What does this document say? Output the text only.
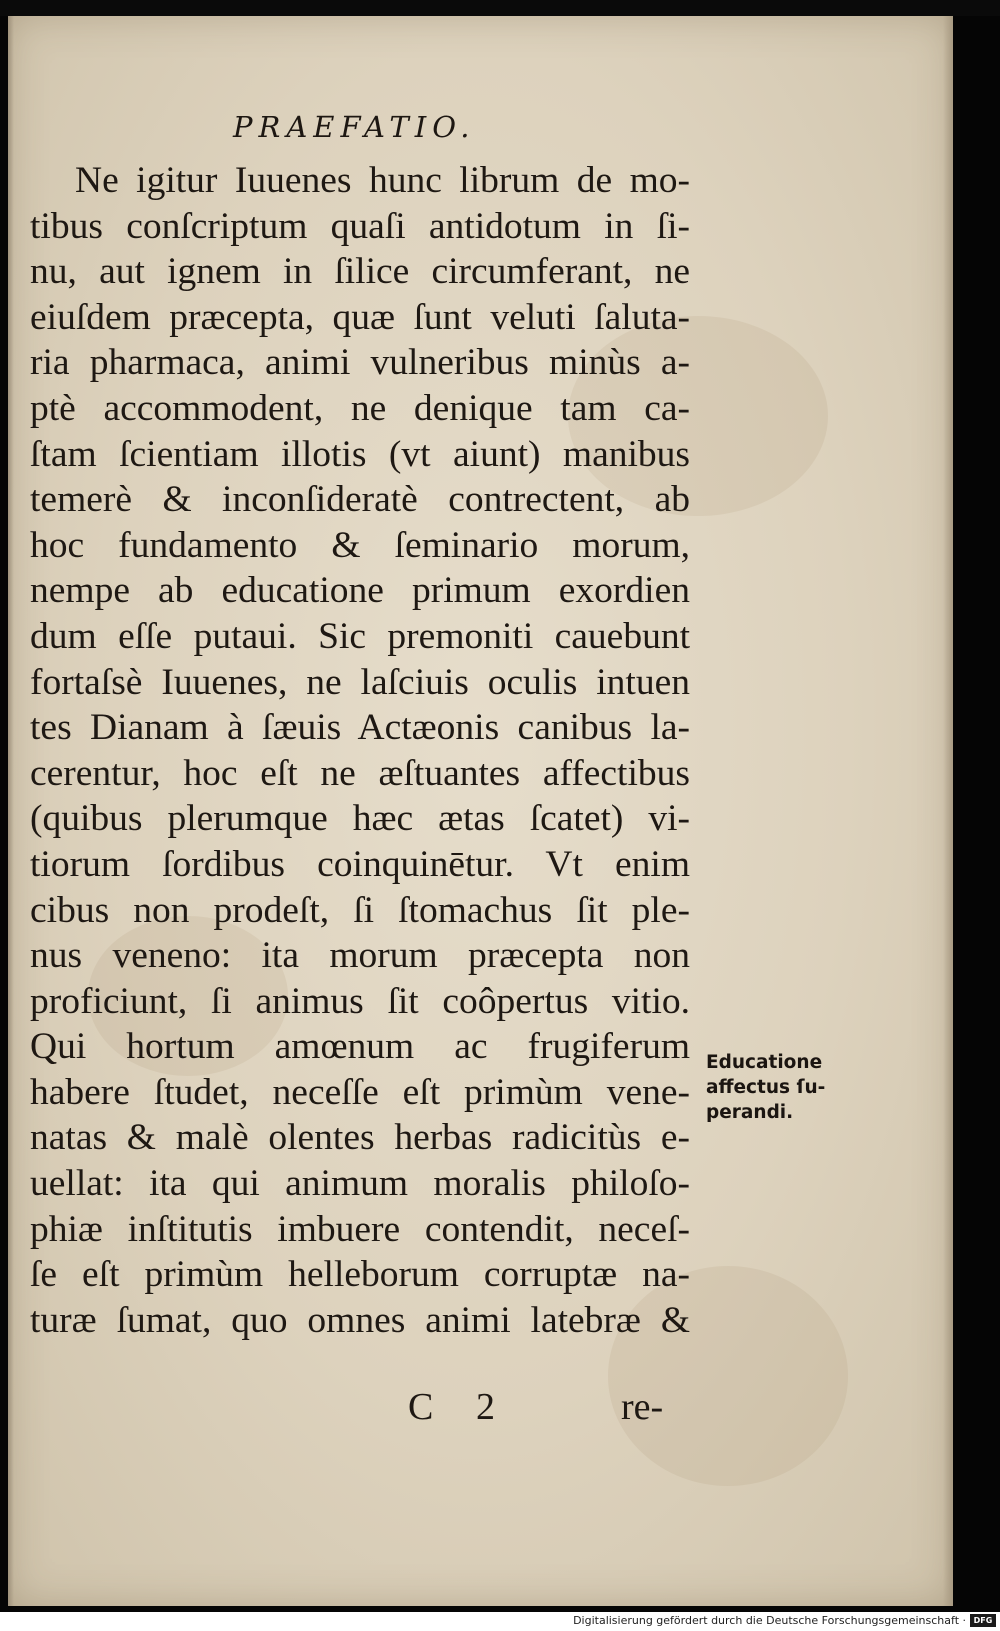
PRAEFATIO.
Ne igitur Iuuenes hunc librum de mo-
tibus conſcriptum quaſi antidotum in ſi-
nu, aut ignem in ſilice circumferant, ne
eiuſdem præcepta, quæ ſunt veluti ſaluta-
ria pharmaca, animi vulneribus minùs a-
ptè accommodent, ne denique tam ca-
ſtam ſcientiam illotis (vt aiunt) manibus
temerè & inconſideratè contrectent, ab
hoc fundamento & ſeminario morum,
nempe ab educatione primum exordien
dum eſſe putaui. Sic premoniti cauebunt
fortaſsè Iuuenes, ne laſciuis oculis intuen
tes Dianam à ſæuis Actæonis canibus la-
cerentur, hoc eſt ne æſtuantes affectibus
(quibus plerumque hæc ætas ſcatet) vi-
tiorum ſordibus coinquinētur. Vt enim
cibus non prodeſt, ſi ſtomachus ſit ple-
nus veneno: ita morum præcepta non
proficiunt, ſi animus ſit coôpertus vitio.
Qui hortum amœnum ac frugiferum
habere ſtudet, neceſſe eſt primùm vene-
natas & malè olentes herbas radicitùs e-
uellat: ita qui animum moralis philoſo-
phiæ inſtitutis imbuere contendit, neceſ-
ſe eſt primùm helleborum corruptæ na-
turæ ſumat, quo omnes animi latebræ &
C 2	re-
Educatione
affectus ſu-
perandi.
Digitalisierung gefördert durch die Deutsche Forschungsgemeinschaft · DFG
